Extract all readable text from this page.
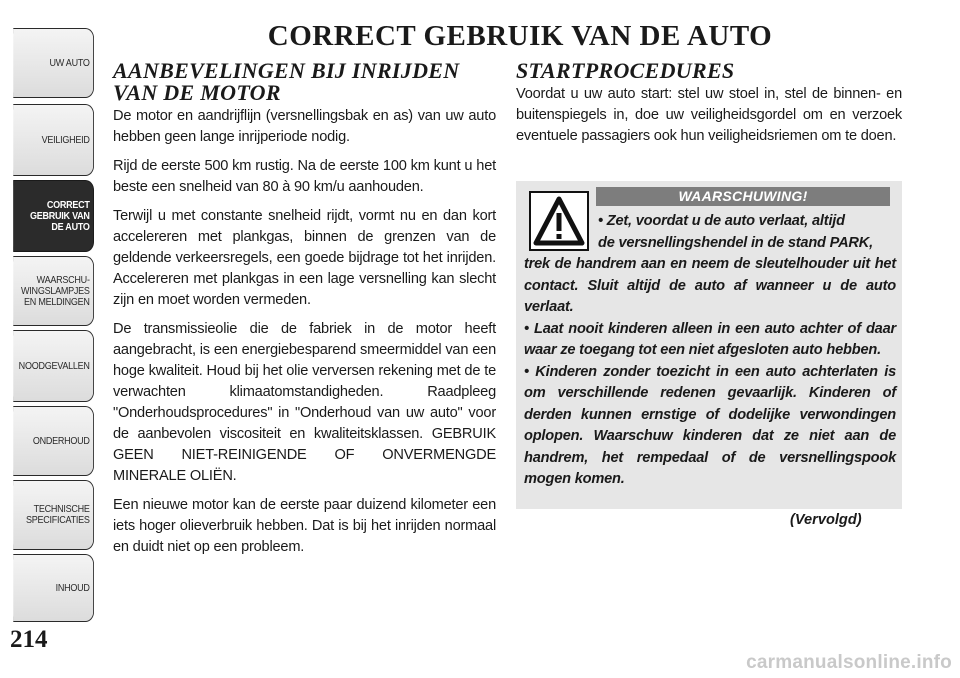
UW AUTO
VEILIGHEID
CORRECT
GEBRUIK VAN
DE AUTO
WAARSCHU-
WINGSLAMPJES
EN MELDINGEN
NOODGEVALLEN
ONDERHOUD
TECHNISCHE
SPECIFICATIES
INHOUD
214
CORRECT GEBRUIK VAN DE AUTO
AANBEVELINGEN BIJ INRIJDEN
VAN DE MOTOR

De motor en aandrijflijn (versnellingsbak en as) van uw auto hebben geen lange inrijperiode nodig.

Rijd de eerste 500 km rustig. Na de eerste 100 km kunt u het beste een snelheid van 80 à 90 km/u aanhouden.

Terwijl u met constante snelheid rijdt, vormt nu en dan kort accelereren met plankgas, binnen de grenzen van de geldende verkeersregels, een goede bijdrage tot het inrijden. Accelereren met plankgas in een lage versnelling kan slecht zijn en moet worden vermeden.

De transmissieolie die de fabriek in de motor heeft aangebracht, is een energiebesparend smeermiddel van een hoge kwaliteit. Houd bij het olie verversen rekening met de te verwachten klimaatomstandigheden. Raadpleeg "Onderhoudsprocedures" in "Onderhoud van uw auto" voor de aanbevolen viscositeit en kwaliteitsklassen. GEBRUIK GEEN NIET-REINIGENDE OF ONVERMENGDE MINERALE OLIËN.

Een nieuwe motor kan de eerste paar duizend kilometer een iets hoger olieverbruik hebben. Dat is bij het inrijden normaal en duidt niet op een probleem.

STARTPROCEDURES

Voordat u uw auto start: stel uw stoel in, stel de binnen- en buitenspiegels in, doe uw veiligheidsgordel om en verzoek eventuele passagiers ook hun veiligheidsriemen om te doen.

WAARSCHUWING!
• Zet, voordat u de auto verlaat, altijd
de versnellingshendel in de stand PARK,
trek de handrem aan en neem de sleutelhouder uit het contact. Sluit altijd de auto af wanneer u de auto verlaat.
• Laat nooit kinderen alleen in een auto achter of daar waar ze toegang tot een niet afgesloten auto hebben.
• Kinderen zonder toezicht in een auto achterlaten is om verschillende redenen gevaarlijk. Kinderen of derden kunnen ernstige of dodelijke verwondingen oplopen. Waarschuw kinderen dat ze niet aan de handrem, het rempedaal of de versnellingspook mogen komen.
(Vervolgd)
carmanualsonline.info
